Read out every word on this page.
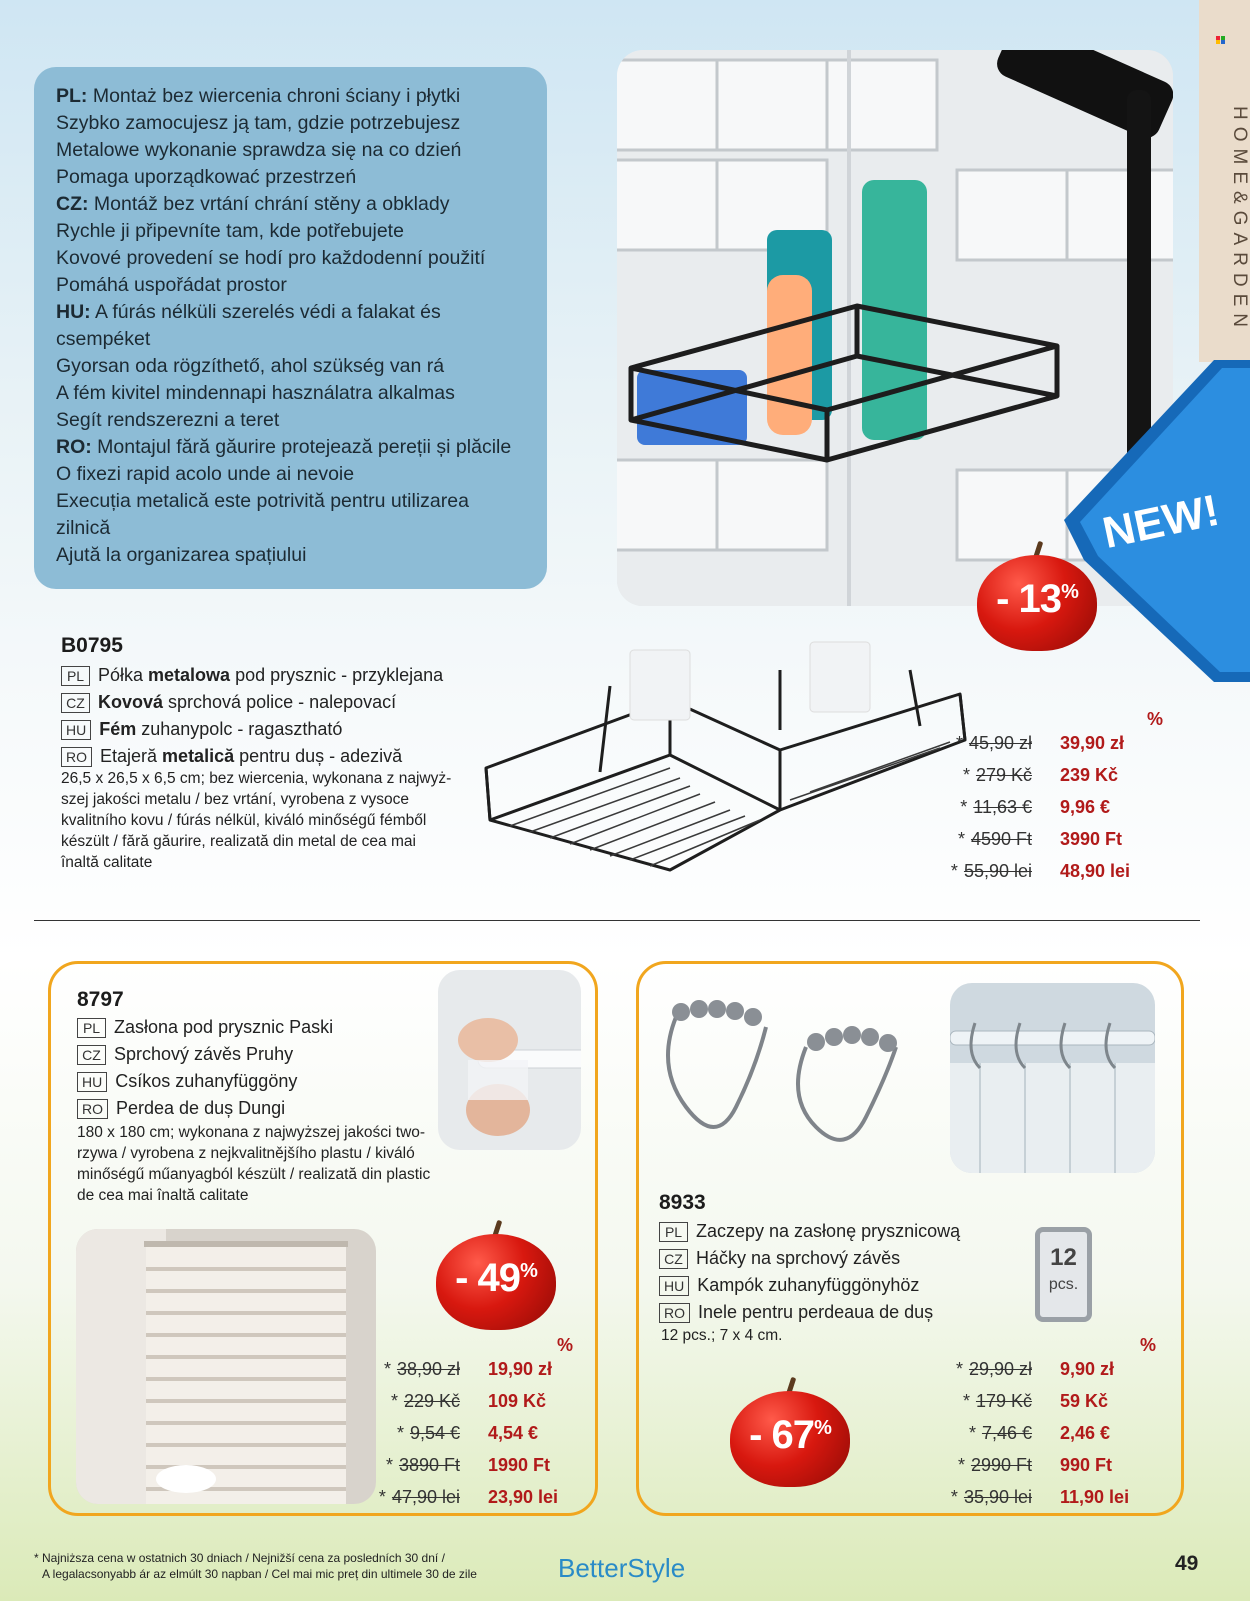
HOME&GARDEN
PL: Montaż bez wiercenia chroni ściany i płytki
Szybko zamocujesz ją tam, gdzie potrzebujesz
Metalowe wykonanie sprawdza się na co dzień
Pomaga uporządkować przestrzeń
CZ: Montáž bez vrtání chrání stěny a obklady
Rychle ji připevníte tam, kde potřebujete
Kovové provedení se hodí pro každodenní použití
Pomáhá uspořádat prostor
HU: A fúrás nélküli szerelés védi a falakat és
csempéket
Gyorsan oda rögzíthető, ahol szükség van rá
A fém kivitel mindennapi használatra alkalmas
Segít rendszerezni a teret
RO: Montajul fără găurire protejează pereții și plăcile
O fixezi rapid acolo unde ai nevoie
Execuția metalică este potrivită pentru utilizarea
zilnică
Ajută la organizarea spațiului	NEW!
- 13%
B0795
PL Półka metalowa pod prysznic - przyklejana
CZ Kovová sprchová police - nalepovací
HU Fém zuhanypolc - ragasztható
RO Etajeră metalică pentru duș - adezivă
26,5 x 26,5 x 6,5 cm; bez wiercenia, wykonana z najwyż-
szej jakości metalu / bez vrtání, vyrobena z vysoce
kvalitního kovu / fúrás nélkül, kiváló minőségű fémből
készült / fără găurire, realizată din metal de cea mai
înaltă calitate
%
* 45,90 zł 39,90 zł
* 279 Kč 239 Kč
* 11,63 € 9,96 €
* 4590 Ft 3990 Ft
* 55,90 lei 48,90 lei
8797
PL Zasłona pod prysznic Paski
CZ Sprchový závěs Pruhy
HU Csíkos zuhanyfüggöny
RO Perdea de duș Dungi
180 x 180 cm; wykonana z najwyższej jakości two-
rzywa / vyrobena z nejkvalitnějšího plastu / kiváló
minőségű műanyagból készült / realizată din plastic
de cea mai înaltă calitate
- 49%
%
* 38,90 zł 19,90 zł
* 229 Kč 109 Kč
* 9,54 € 4,54 €
* 3890 Ft 1990 Ft
* 47,90 lei 23,90 lei
8933
PL Zaczepy na zasłonę prysznicową
CZ Háčky na sprchový závěs
HU Kampók zuhanyfüggönyhöz
RO Inele pentru perdeaua de duș
12 pcs.; 7 x 4 cm.
12
pcs.
- 67%
%
* 29,90 zł 9,90 zł
* 179 Kč 59 Kč
* 7,46 € 2,46 €
* 2990 Ft 990 Ft
* 35,90 lei 11,90 lei
* Najniższa cena w ostatnich 30 dniach / Nejnižší cena za posledních 30 dní /
A legalacsonyabb ár az elmúlt 30 napban / Cel mai mic preț din ultimele 30 de zile	BetterStyle	49
